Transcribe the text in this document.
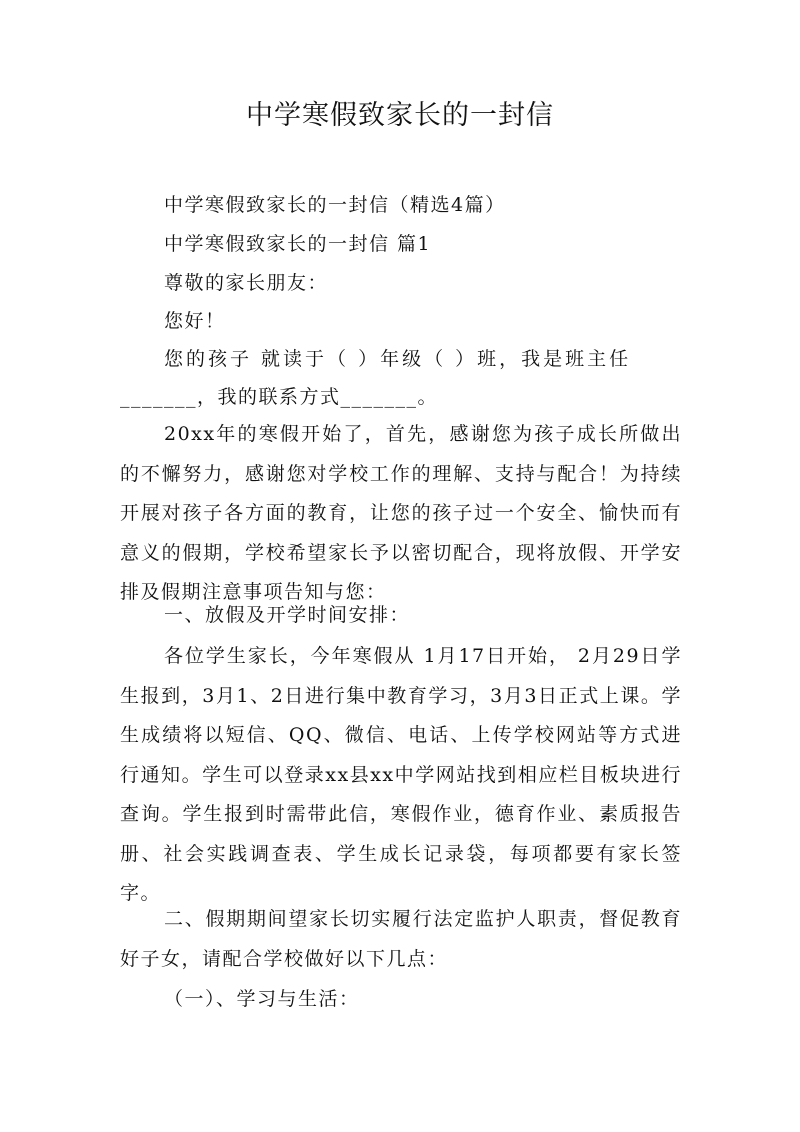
中学寒假致家长的一封信
中学寒假致家长的一封信（精选4篇）
中学寒假致家长的一封信 篇1
尊敬的家长朋友：
您好！
您的孩子 就读于（ ）年级（ ）班，我是班主任
_______，我的联系方式_______。
20xx年的寒假开始了，首先，感谢您为孩子成长所做出的不懈努力，感谢您对学校工作的理解、支持与配合！为持续开展对孩子各方面的教育，让您的孩子过一个安全、愉快而有意义的假期，学校希望家长予以密切配合，现将放假、开学安排及假期注意事项告知与您：
一、放假及开学时间安排：
各位学生家长，今年寒假从 1月17日开始， 2月29日学生报到，3月1、2日进行集中教育学习，3月3日正式上课。学生成绩将以短信、QQ、微信、电话、上传学校网站等方式进行通知。学生可以登录xx县xx中学网站找到相应栏目板块进行查询。学生报到时需带此信，寒假作业，德育作业、素质报告册、社会实践调查表、学生成长记录袋，每项都要有家长签字。
二、假期期间望家长切实履行法定监护人职责，督促教育好子女，请配合学校做好以下几点：
（一）、学习与生活：
